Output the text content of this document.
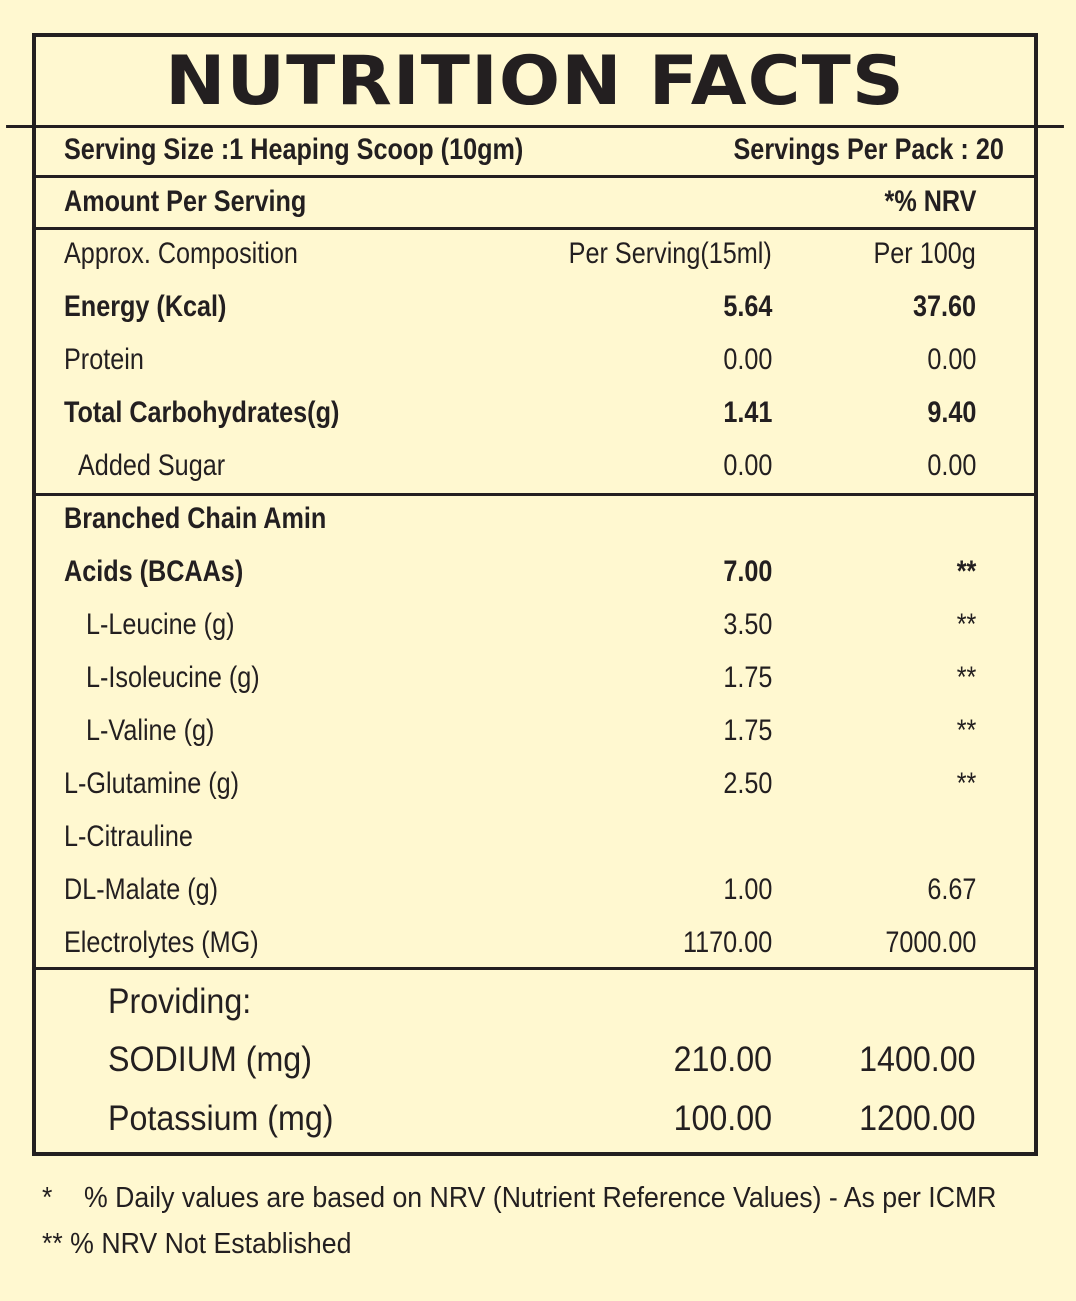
NUTRITION FACTS
Serving Size :1 Heaping Scoop (10gm)	Servings Per Pack : 20
Amount Per Serving	*% NRV
Approx. Composition	Per Serving(15ml)	Per 100g
Energy (Kcal)	5.64	37.60
Protein	0.00	0.00
Total Carbohydrates(g)	1.41	9.40
Added Sugar	0.00	0.00
Branched Chain Amin
Acids (BCAAs)	7.00	**
L-Leucine (g)	3.50	**
L-Isoleucine (g)	1.75	**
L-Valine (g)	1.75	**
L-Glutamine (g)	2.50	**
L-Citrauline
DL-Malate (g)	1.00	6.67
Electrolytes (MG)	1170.00	7000.00
Providing:
SODIUM (mg)	210.00	1400.00
Potassium (mg)	100.00	1200.00
* % Daily values are based on NRV (Nutrient Reference Values) - As per ICMR
** % NRV Not Established
